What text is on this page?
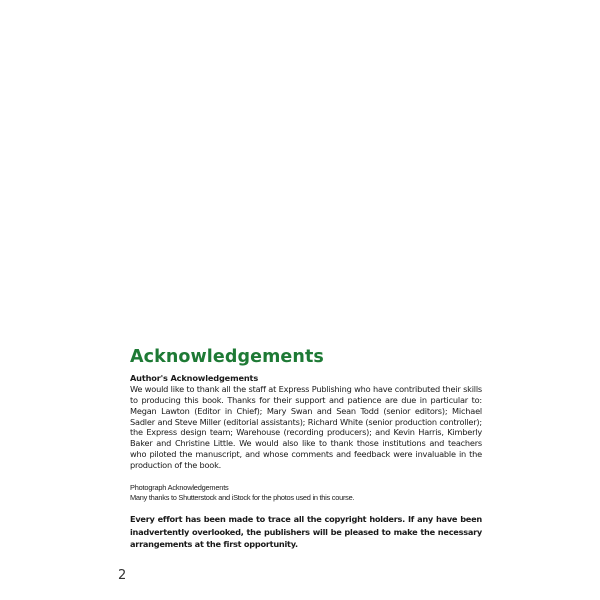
Acknowledgements

Author's Acknowledgements

We would like to thank all the staff at Express Publishing who have contributed their skills to producing this book. Thanks for their support and patience are due in particular to: Megan Lawton (Editor in Chief); Mary Swan and Sean Todd (senior editors); Michael Sadler and Steve Miller (editorial assistants); Richard White (senior production controller); the Express design team; Warehouse (recording producers); and Kevin Harris, Kimberly Baker and Christine Little. We would also like to thank those institutions and teachers who piloted the manuscript, and whose comments and feedback were invaluable in the production of the book.

Photograph Acknowledgements

Many thanks to Shutterstock and iStock for the photos used in this course.

Every effort has been made to trace all the copyright holders. If any have been inadvertently overlooked, the publishers will be pleased to make the necessary arrangements at the first opportunity.

2
